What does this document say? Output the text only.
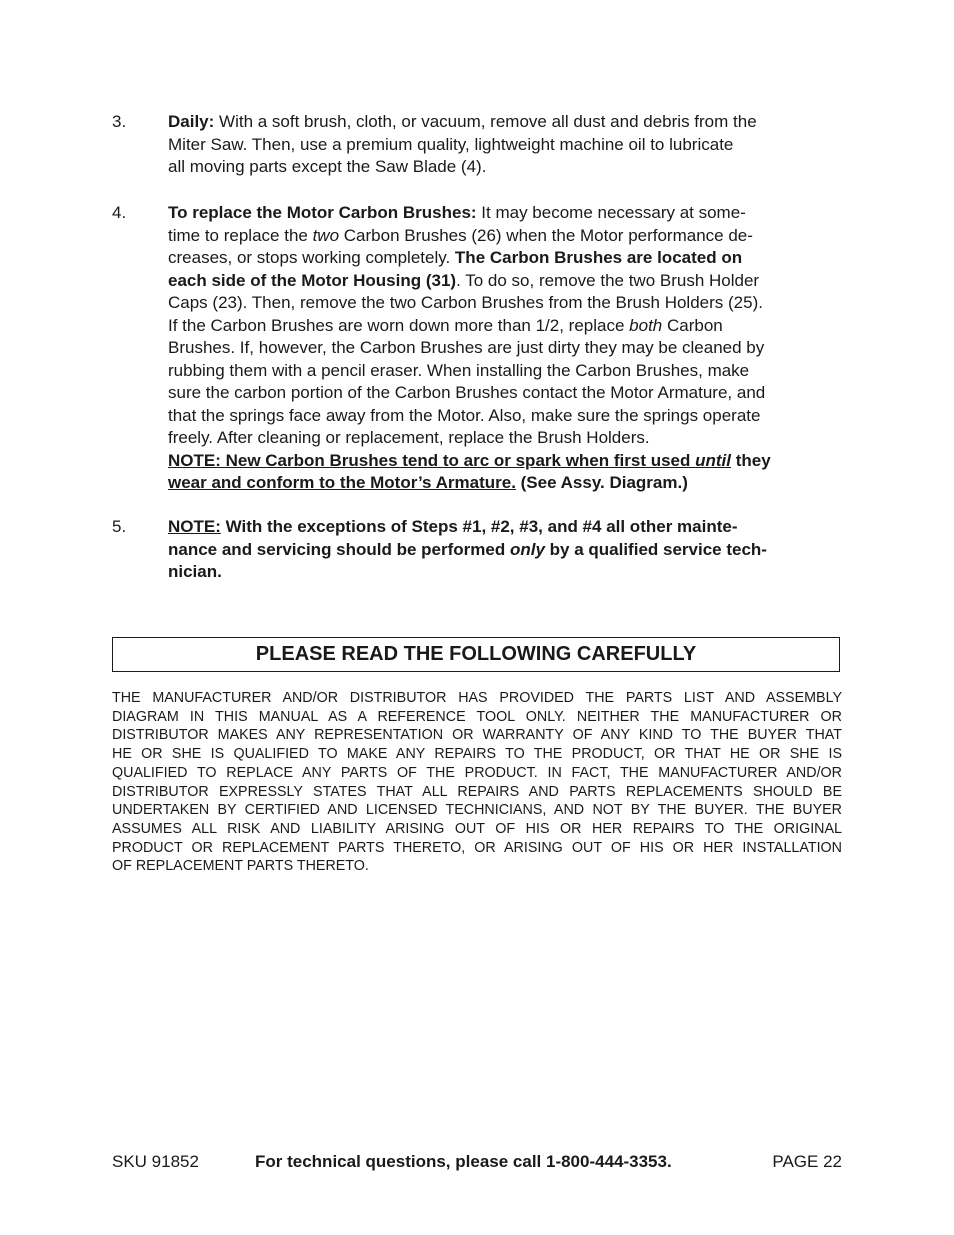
3.	Daily: With a soft brush, cloth, or vacuum, remove all dust and debris from the
Miter Saw. Then, use a premium quality, lightweight machine oil to lubricate
all moving parts except the Saw Blade (4).
4.	To replace the Motor Carbon Brushes: It may become necessary at some-
time to replace the two Carbon Brushes (26) when the Motor performance de-
creases, or stops working completely. The Carbon Brushes are located on
each side of the Motor Housing (31). To do so, remove the two Brush Holder
Caps (23). Then, remove the two Carbon Brushes from the Brush Holders (25).
If the Carbon Brushes are worn down more than 1/2, replace both Carbon
Brushes. If, however, the Carbon Brushes are just dirty they may be cleaned by
rubbing them with a pencil eraser. When installing the Carbon Brushes, make
sure the carbon portion of the Carbon Brushes contact the Motor Armature, and
that the springs face away from the Motor. Also, make sure the springs operate
freely. After cleaning or replacement, replace the Brush Holders.
NOTE: New Carbon Brushes tend to arc or spark when first used until they
wear and conform to the Motor’s Armature. (See Assy. Diagram.)
5.	NOTE: With the exceptions of Steps #1, #2, #3, and #4 all other mainte-
nance and servicing should be performed only by a qualified service tech-
nician.
PLEASE READ THE FOLLOWING CAREFULLY
THE MANUFACTURER AND/OR DISTRIBUTOR HAS PROVIDED THE PARTS LIST AND ASSEMBLY
DIAGRAM IN THIS MANUAL AS A REFERENCE TOOL ONLY. NEITHER THE MANUFACTURER OR
DISTRIBUTOR MAKES ANY REPRESENTATION OR WARRANTY OF ANY KIND TO THE BUYER THAT
HE OR SHE IS QUALIFIED TO MAKE ANY REPAIRS TO THE PRODUCT, OR THAT HE OR SHE IS
QUALIFIED TO REPLACE ANY PARTS OF THE PRODUCT. IN FACT, THE MANUFACTURER AND/OR
DISTRIBUTOR EXPRESSLY STATES THAT ALL REPAIRS AND PARTS REPLACEMENTS SHOULD BE
UNDERTAKEN BY CERTIFIED AND LICENSED TECHNICIANS, AND NOT BY THE BUYER. THE BUYER
ASSUMES ALL RISK AND LIABILITY ARISING OUT OF HIS OR HER REPAIRS TO THE ORIGINAL
PRODUCT OR REPLACEMENT PARTS THERETO, OR ARISING OUT OF HIS OR HER INSTALLATION
OF REPLACEMENT PARTS THERETO.
SKU 91852	For technical questions, please call 1-800-444-3353.	PAGE 22
